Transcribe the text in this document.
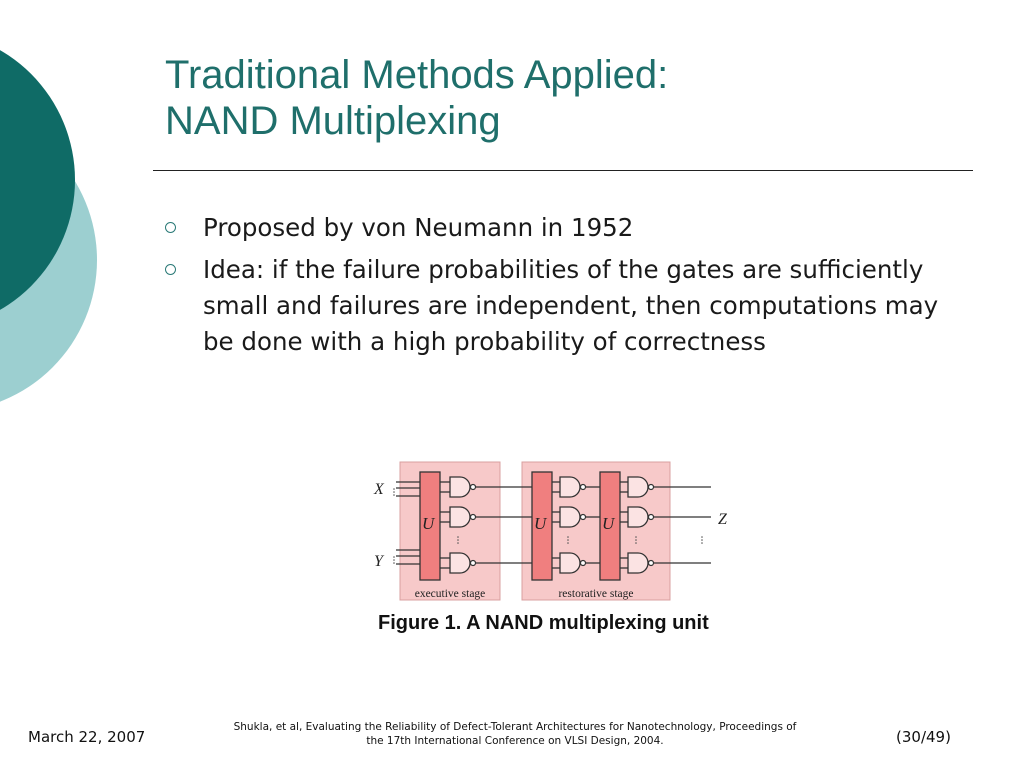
Traditional Methods Applied:
NAND Multiplexing
Proposed by von Neumann in 1952
Idea: if the failure probabilities of the gates are sufficiently small and failures are independent, then computations may be done with a high probability of correctness
X
Y
Z
U	U	U
executive stage	restorative stage
Figure 1. A NAND multiplexing unit
March 22, 2007
Shukla, et al, Evaluating the Reliability of Defect-Tolerant Architectures for Nanotechnology, Proceedings of
the 17th International Conference on VLSI Design, 2004.	(30/49)
